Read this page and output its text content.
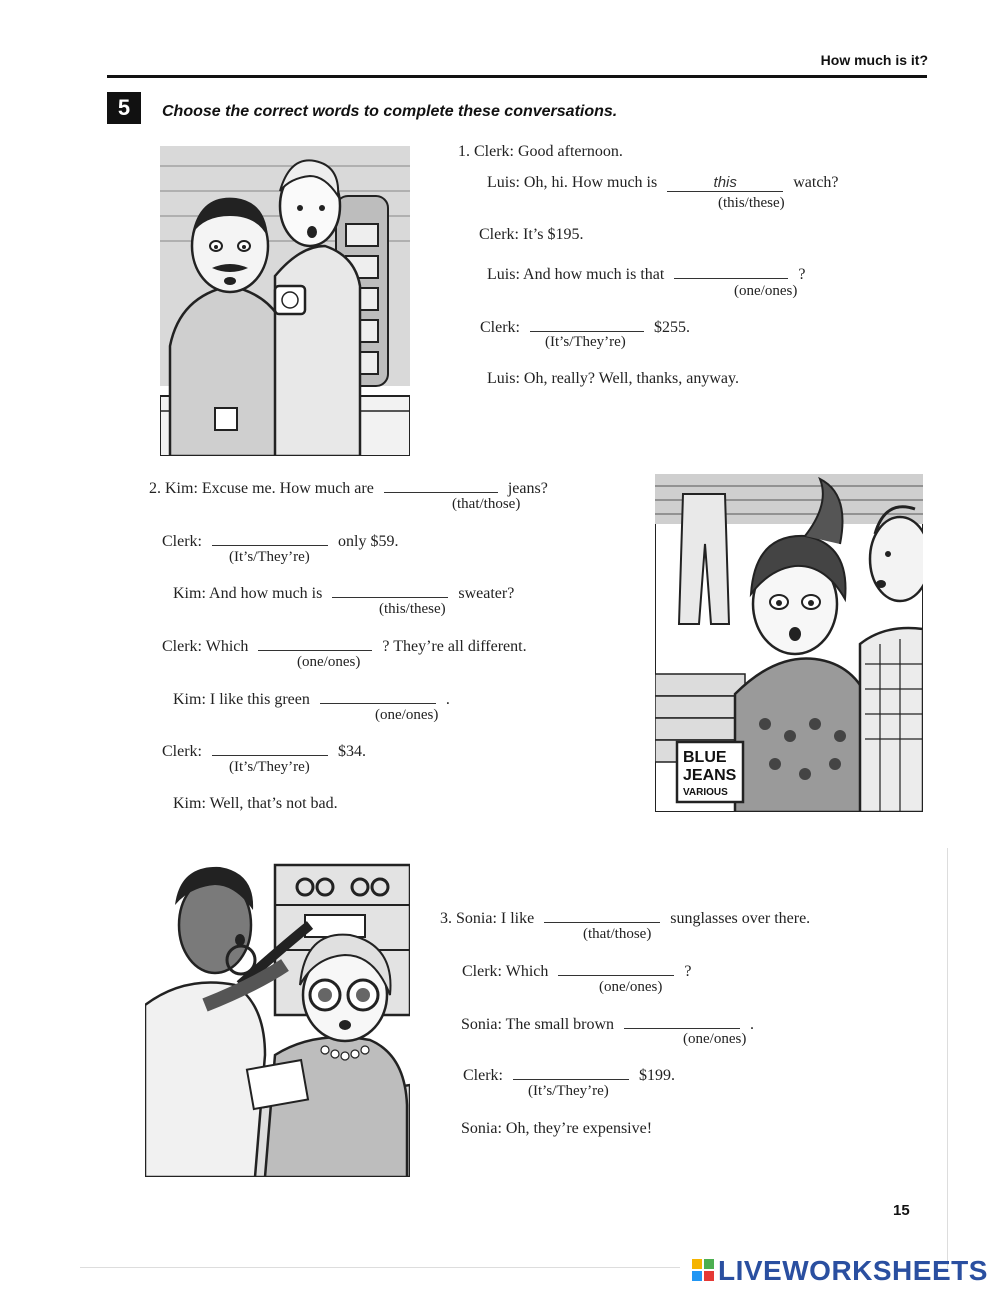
How much is it?
5	Choose the correct words to complete these conversations.
1. Clerk: Good afternoon.
Luis: Oh, hi. How much is	this	watch?
(this/these)
Clerk: It’s $195.
Luis: And how much is that	?
(one/ones)
Clerk:	$255.
(It’s/They’re)
Luis: Oh, really? Well, thanks, anyway.
2. Kim: Excuse me. How much are	jeans?
(that/those)
Clerk:	only $59.
(It’s/They’re)
Kim: And how much is	sweater?
(this/these)
Clerk: Which	? They’re all different.
(one/ones)
Kim: I like this green	.
(one/ones)
Clerk:	$34.
(It’s/They’re)
Kim: Well, that’s not bad.
BLUE
JEANS
VARIOUS
3. Sonia: I like	sunglasses over there.
(that/those)
Clerk: Which	?
(one/ones)
Sonia: The small brown	.
(one/ones)
Clerk:	$199.
(It’s/They’re)
Sonia: Oh, they’re expensive!
15
LIVEWORKSHEETS
